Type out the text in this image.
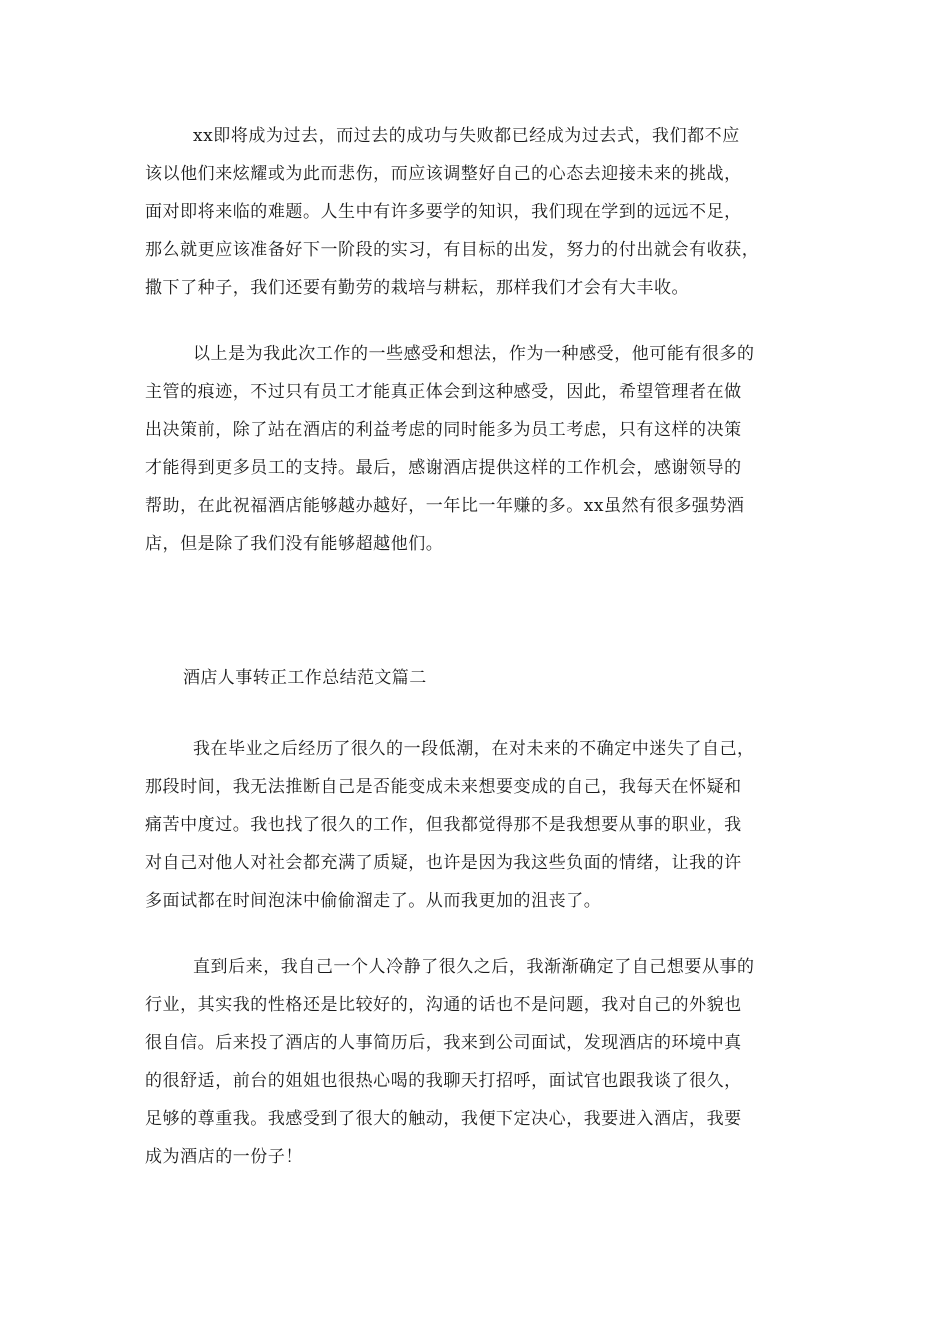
xx即将成为过去，而过去的成功与失败都已经成为过去式，我们都不应

该以他们来炫耀或为此而悲伤，而应该调整好自己的心态去迎接未来的挑战，

面对即将来临的难题。人生中有许多要学的知识，我们现在学到的远远不足，

那么就更应该准备好下一阶段的实习，有目标的出发，努力的付出就会有收获，

撒下了种子，我们还要有勤劳的栽培与耕耘，那样我们才会有大丰收。

以上是为我此次工作的一些感受和想法，作为一种感受，他可能有很多的

主管的痕迹，不过只有员工才能真正体会到这种感受，因此，希望管理者在做

出决策前，除了站在酒店的利益考虑的同时能多为员工考虑，只有这样的决策

才能得到更多员工的支持。最后，感谢酒店提供这样的工作机会，感谢领导的

帮助，在此祝福酒店能够越办越好，一年比一年赚的多。xx虽然有很多强势酒

店，但是除了我们没有能够超越他们。

酒店人事转正工作总结范文篇二

我在毕业之后经历了很久的一段低潮，在对未来的不确定中迷失了自己，

那段时间，我无法推断自己是否能变成未来想要变成的自己，我每天在怀疑和

痛苦中度过。我也找了很久的工作，但我都觉得那不是我想要从事的职业，我

对自己对他人对社会都充满了质疑，也许是因为我这些负面的情绪，让我的许

多面试都在时间泡沫中偷偷溜走了。从而我更加的沮丧了。

直到后来，我自己一个人冷静了很久之后，我渐渐确定了自己想要从事的

行业，其实我的性格还是比较好的，沟通的话也不是问题，我对自己的外貌也

很自信。后来投了酒店的人事简历后，我来到公司面试，发现酒店的环境中真

的很舒适，前台的姐姐也很热心喝的我聊天打招呼，面试官也跟我谈了很久，

足够的尊重我。我感受到了很大的触动，我便下定决心，我要进入酒店，我要

成为酒店的一份子！
